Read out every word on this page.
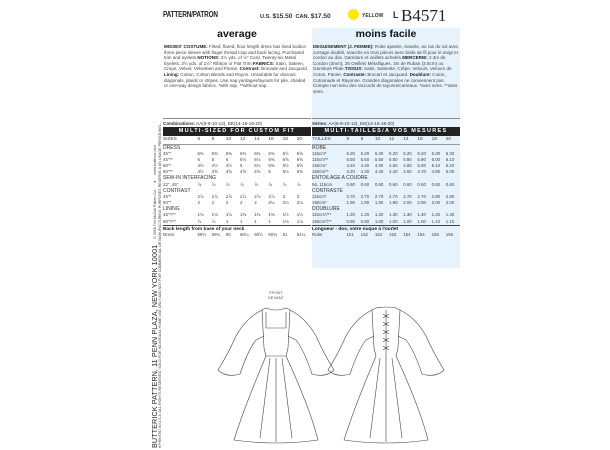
BUTTERICK PATTERN, 11 PENN PLAZA, NEW YORK 10001
© 2008 The McCall Pattern Co.
●
www.butterick.com
● PRINTED IN U.S.A. ALL RIGHTS RESERVED. SOLD FOR INDIVIDUAL HOME USE ONLY AND NOT FOR COMMERCIAL OR MANUFACTURING PURPOSES.RESERVE A UN USAGE PERSONNEL.
PATTERN/PATRON	U.S. $15.50 CAN. $17.50	YELLOW L B4571
average
MISSES' COSTUME: Fitted, flared, floor length dress has lined bodice, three piece sleeve with finger thread loop and back lacing. Purchased trim and eyelets.NOTIONS: 2½ yds. of ⅛" Cord, Twenty-six Metal Eyelets, 3½ yds. of 1½" Ribbon or Flat Trim.FABRICS: Satin, Sateen, Crepe, Velvet, Velveteen and Panne. Contrast: Brocade and Jacquard. Lining: Cotton, Cotton Blends and Rayon. Unsuitable for obvious diagonals, plaids or stripes. Use nap yardages/layouts for pile, shaded or one-way design fabrics. *with nap. **without nap.
Combinations: AA(6-8-10-12), EE(14-16-18-20)
MULTI-SIZED FOR CUSTOM FIT
SIZES	6	8	10	12	14	16	18	20
DRESS								
45"*	6⅜	6⅜	6⅜	6⅜	6⅜	6⅜	6½	6⅝
45"**	6	6	6	6⅛	6⅛	6⅜	6⅝	6⅝
60"*	4½	4½	4½	5	5⅛	5⅜	5½	5⅝
60"**	4½	4⅝	4⅝	4⅝	4⅝	5	5⅛	5⅜
SEW-IN INTERFACING								
22", 45"	⅞	⅞	⅞	⅞	⅞	⅞	⅞	⅞
CONTRAST								
45"*	2⅞	2⅞	2⅞	2⅞	2⅞	2⅞	3	3
60"*	2	2	2	2	2	2¼	2¼	2¼
LINING								
45"*/**	1⅛	1⅛	1⅛	1⅜	1⅜	1⅜	1½	1½
60"*/**	⅞	⅞	1	1	1	1	1⅛	1⅛
Back length from base of your neck
Dress	59½	59¾	60	60¼	60½	60¾	61	61¼
moins facile
DEGUISEMENT (J. FEMME): Robe ajustée, évasée, au ras du sol avec corsage doublé, manche en trois pièces avec bride de fil pour le doigt et cordon au dos. Garniture et oeillets achetés.MERCERIE: 2.3m de Cordon (3mm), 26 Oeillets Métalliques, 3m de Ruban (3.8cm) ou Garniture Plate.TISSUS: Satin, Satinette, Crêpe, Velours, Velours de Coton, Panne. Contraste: Brocart et Jacquard. Doublure: Coton, Cotonnade et Rayonne. Grandes diagonales ne conviennent pas. Compte non tenu des raccords de rayures/carreaux. *avec sens. **sans sens.
Séries: AA(6-8-10-12), EE(14-16-18-20)
MULTI-TAILLES/A VOS MESURES
TAILLES	6	8	10	12	14	16	18	20
ROBE								
115cm*	6.20	6.20	6.20	6.20	6.20	6.20	6.30	6.30
115cm**	5.50	5.50	5.50	5.80	5.90	5.90	6.00	6.10
150cm*	4.40	4.40	4.50	4.60	4.80	5.00	5.10	5.20
150cm**	4.20	4.30	4.40	4.40	4.50	4.70	4.80	5.00
ENTOILAGE A COUDRE								
56, 115cm	0.60	0.60	0.60	0.60	0.60	0.60	0.60	0.60
CONTRASTE								
115cm*	2.70	2.70	2.70	2.70	2.70	2.70	2.80	2.80
150cm*	1.90	1.90	1.90	1.90	2.00	2.00	2.00	2.00
DOUBLURE								
115cm*/**	1.20	1.20	1.20	1.30	1.30	1.30	1.40	1.40
150cm*/**	0.80	0.80	1.00	1.00	1.00	1.00	1.10	1.10
Longueur - dos, votre nuque à l'ourlet
Robe	151	152	152	153	154	154	155	156
FRONT
DEVANT
